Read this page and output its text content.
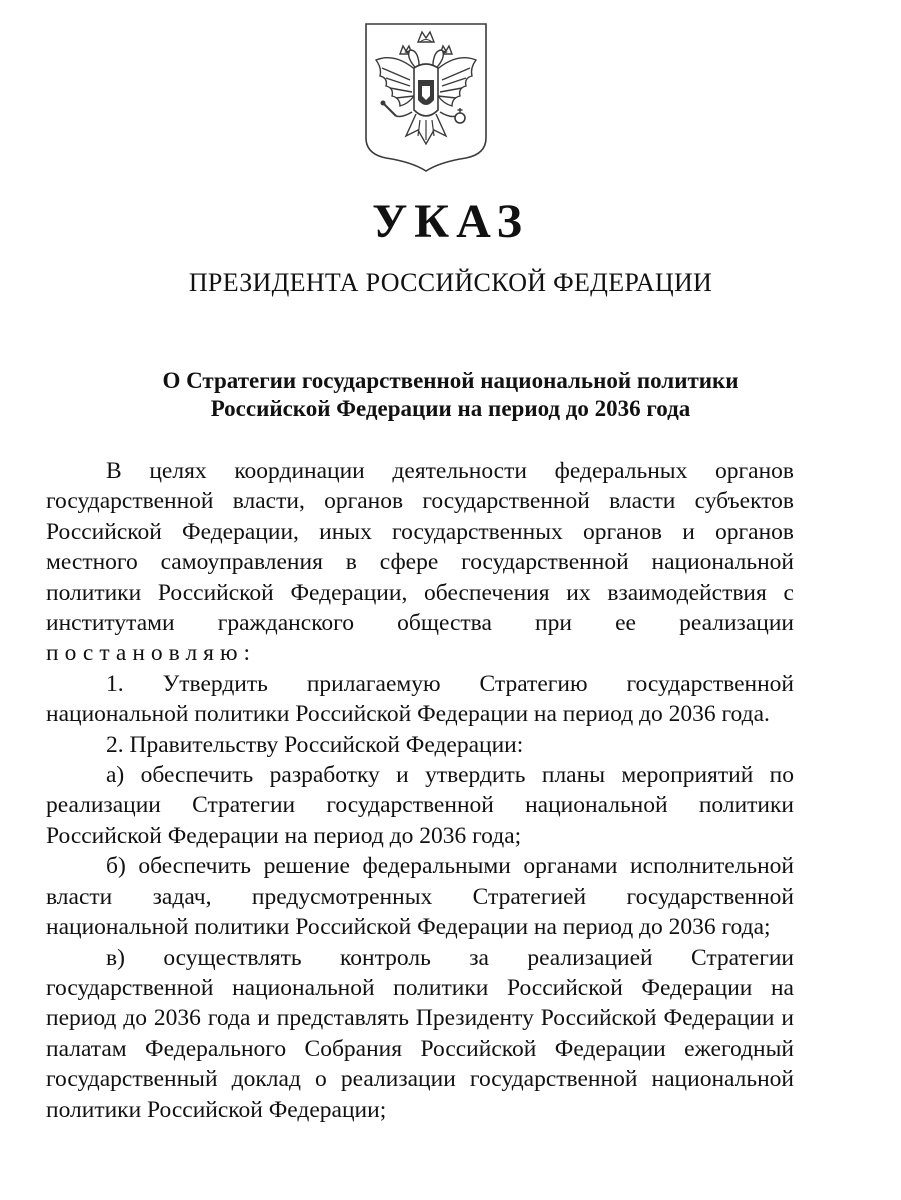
УКАЗ
ПРЕЗИДЕНТА РОССИЙСКОЙ ФЕДЕРАЦИИ
О Стратегии государственной национальной политики
Российской Федерации на период до 2036 года

В целях координации деятельности федеральных органов государственной власти, органов государственной власти субъектов Российской Федерации, иных государственных органов и органов местного самоуправления в сфере государственной национальной политики Российской Федерации, обеспечения их взаимодействия с институтами гражданского общества при ее реализации постановляю:

1. Утвердить прилагаемую Стратегию государственной национальной политики Российской Федерации на период до 2036 года.

2. Правительству Российской Федерации:

а) обеспечить разработку и утвердить планы мероприятий по реализации Стратегии государственной национальной политики Российской Федерации на период до 2036 года;

б) обеспечить решение федеральными органами исполнительной власти задач, предусмотренных Стратегией государственной национальной политики Российской Федерации на период до 2036 года;

в) осуществлять контроль за реализацией Стратегии государственной национальной политики Российской Федерации на период до 2036 года и представлять Президенту Российской Федерации и палатам Федерального Собрания Российской Федерации ежегодный государственный доклад о реализации государственной национальной политики Российской Федерации;
